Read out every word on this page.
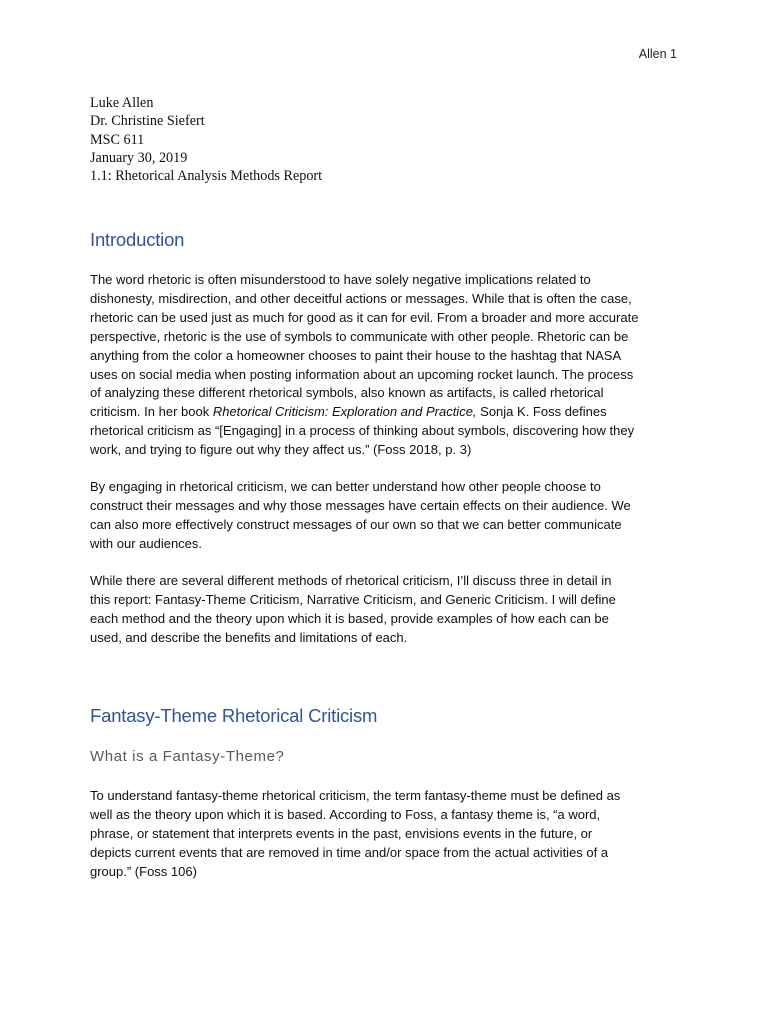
Allen 1
Luke Allen
Dr. Christine Siefert
MSC 611
January 30, 2019
1.1: Rhetorical Analysis Methods Report
Introduction
The word rhetoric is often misunderstood to have solely negative implications related to
dishonesty, misdirection, and other deceitful actions or messages. While that is often the case,
rhetoric can be used just as much for good as it can for evil. From a broader and more accurate
perspective, rhetoric is the use of symbols to communicate with other people. Rhetoric can be
anything from the color a homeowner chooses to paint their house to the hashtag that NASA
uses on social media when posting information about an upcoming rocket launch. The process
of analyzing these different rhetorical symbols, also known as artifacts, is called rhetorical
criticism. In her book Rhetorical Criticism: Exploration and Practice, Sonja K. Foss defines
rhetorical criticism as “[Engaging] in a process of thinking about symbols, discovering how they
work, and trying to figure out why they affect us.” (Foss 2018, p. 3)
By engaging in rhetorical criticism, we can better understand how other people choose to
construct their messages and why those messages have certain effects on their audience. We
can also more effectively construct messages of our own so that we can better communicate
with our audiences.
While there are several different methods of rhetorical criticism, I’ll discuss three in detail in
this report: Fantasy-Theme Criticism, Narrative Criticism, and Generic Criticism. I will define
each method and the theory upon which it is based, provide examples of how each can be
used, and describe the benefits and limitations of each.
Fantasy-Theme Rhetorical Criticism
What is a Fantasy-Theme?
To understand fantasy-theme rhetorical criticism, the term fantasy-theme must be defined as
well as the theory upon which it is based. According to Foss, a fantasy theme is, “a word,
phrase, or statement that interprets events in the past, envisions events in the future, or
depicts current events that are removed in time and/or space from the actual activities of a
group.” (Foss 106)
